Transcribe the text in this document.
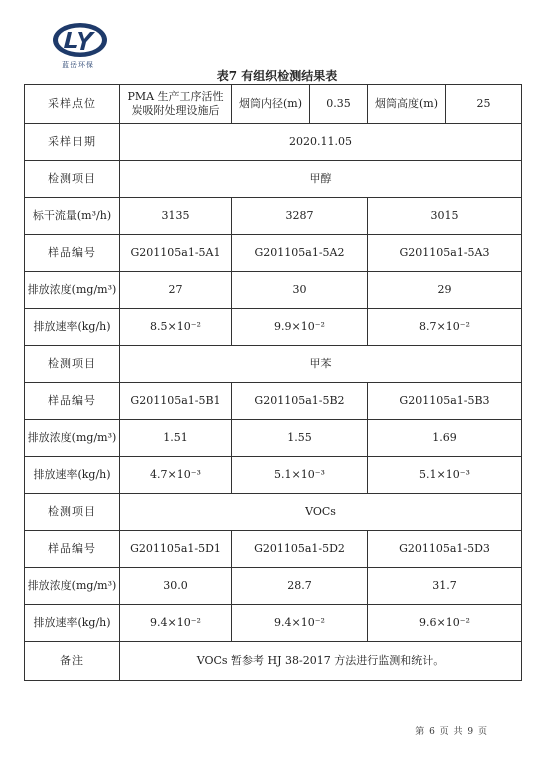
蓝岳环保
表7 有组织检测结果表
采样点位	PMA 生产工序活性炭吸附处理设施后	烟筒内径(m)	0.35	烟筒高度(m)	25
采样日期	2020.11.05				
检测项目	甲醇				
标干流量(m³/h)	3135	3287		3015	
样品编号	G201105a1-5A1	G201105a1-5A2		G201105a1-5A3	
排放浓度(mg/m³)	27	30		29	
排放速率(kg/h)	8.5×10⁻²	9.9×10⁻²		8.7×10⁻²	
检测项目	甲苯				
样品编号	G201105a1-5B1	G201105a1-5B2		G201105a1-5B3	
排放浓度(mg/m³)	1.51	1.55		1.69	
排放速率(kg/h)	4.7×10⁻³	5.1×10⁻³		5.1×10⁻³	
检测项目	VOCs				
样品编号	G201105a1-5D1	G201105a1-5D2		G201105a1-5D3	
排放浓度(mg/m³)	30.0	28.7		31.7	
排放速率(kg/h)	9.4×10⁻²	9.4×10⁻²		9.6×10⁻²	
备注	VOCs 暂参考 HJ 38-2017 方法进行监测和统计。				
第 6 页 共 9 页
